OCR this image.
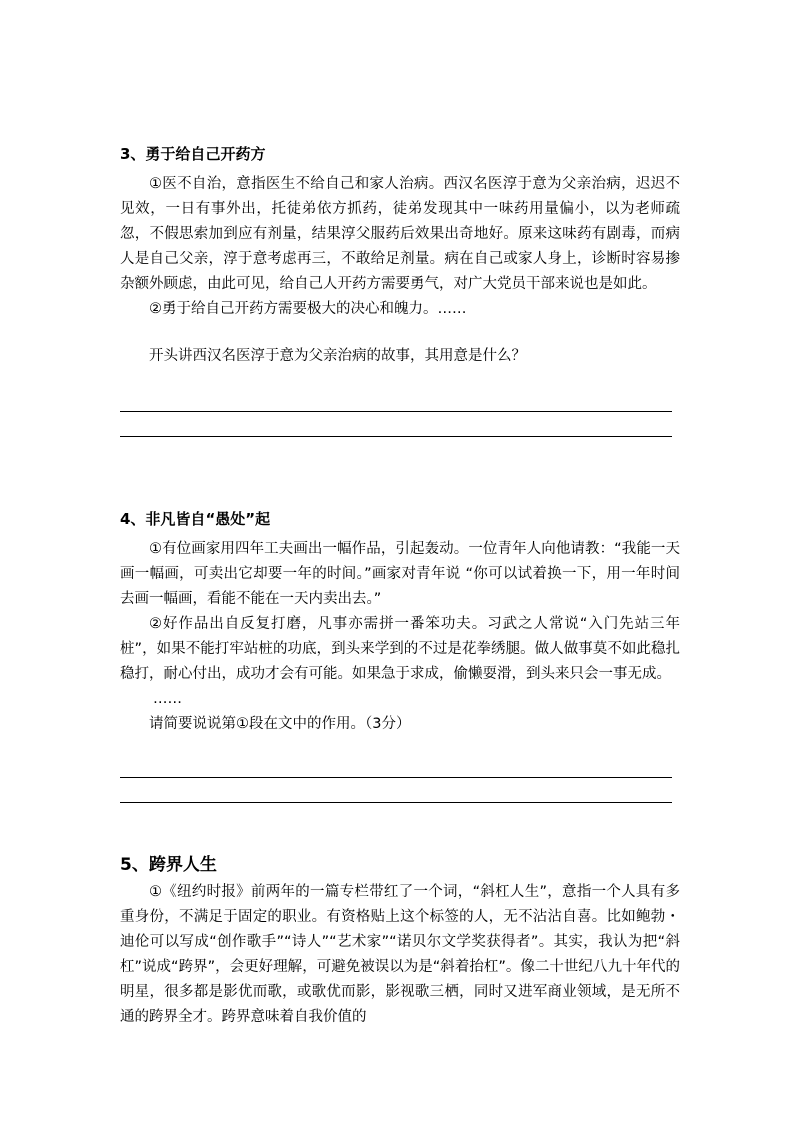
3、勇于给自己开药方

①医不自治，意指医生不给自己和家人治病。西汉名医淳于意为父亲治病，迟迟不见效，一日有事外出，托徒弟依方抓药，徒弟发现其中一味药用量偏小，以为老师疏忽，不假思索加到应有剂量，结果淳父服药后效果出奇地好。原来这味药有剧毒，而病人是自己父亲，淳于意考虑再三，不敢给足剂量。病在自己或家人身上，诊断时容易掺杂额外顾虑，由此可见，给自己人开药方需要勇气，对广大党员干部来说也是如此。

②勇于给自己开药方需要极大的决心和魄力。……

开头讲西汉名医淳于意为父亲治病的故事，其用意是什么？

4、非凡皆自“愚处”起

①有位画家用四年工夫画出一幅作品，引起轰动。一位青年人向他请教：“我能一天画一幅画，可卖出它却要一年的时间。”画家对青年说 “你可以试着换一下，用一年时间去画一幅画，看能不能在一天内卖出去。”

②好作品出自反复打磨，凡事亦需拼一番笨功夫。习武之人常说“入门先站三年桩”，如果不能打牢站桩的功底，到头来学到的不过是花拳绣腿。做人做事莫不如此稳扎稳打，耐心付出，成功才会有可能。如果急于求成，偷懒耍滑，到头来只会一事无成。

……

请简要说说第①段在文中的作用。（3分）

5、跨界人生

①《纽约时报》前两年的一篇专栏带红了一个词，“斜杠人生”，意指一个人具有多重身份，不满足于固定的职业。有资格贴上这个标签的人，无不沾沾自喜。比如鲍勃・迪伦可以写成“创作歌手”“诗人”“艺术家”“诺贝尔文学奖获得者”。其实，我认为把“斜杠”说成“跨界”，会更好理解，可避免被误以为是“斜着抬杠”。像二十世纪八九十年代的明星，很多都是影优而歌，或歌优而影，影视歌三栖，同时又进军商业领域，是无所不通的跨界全才。跨界意味着自我价值的
